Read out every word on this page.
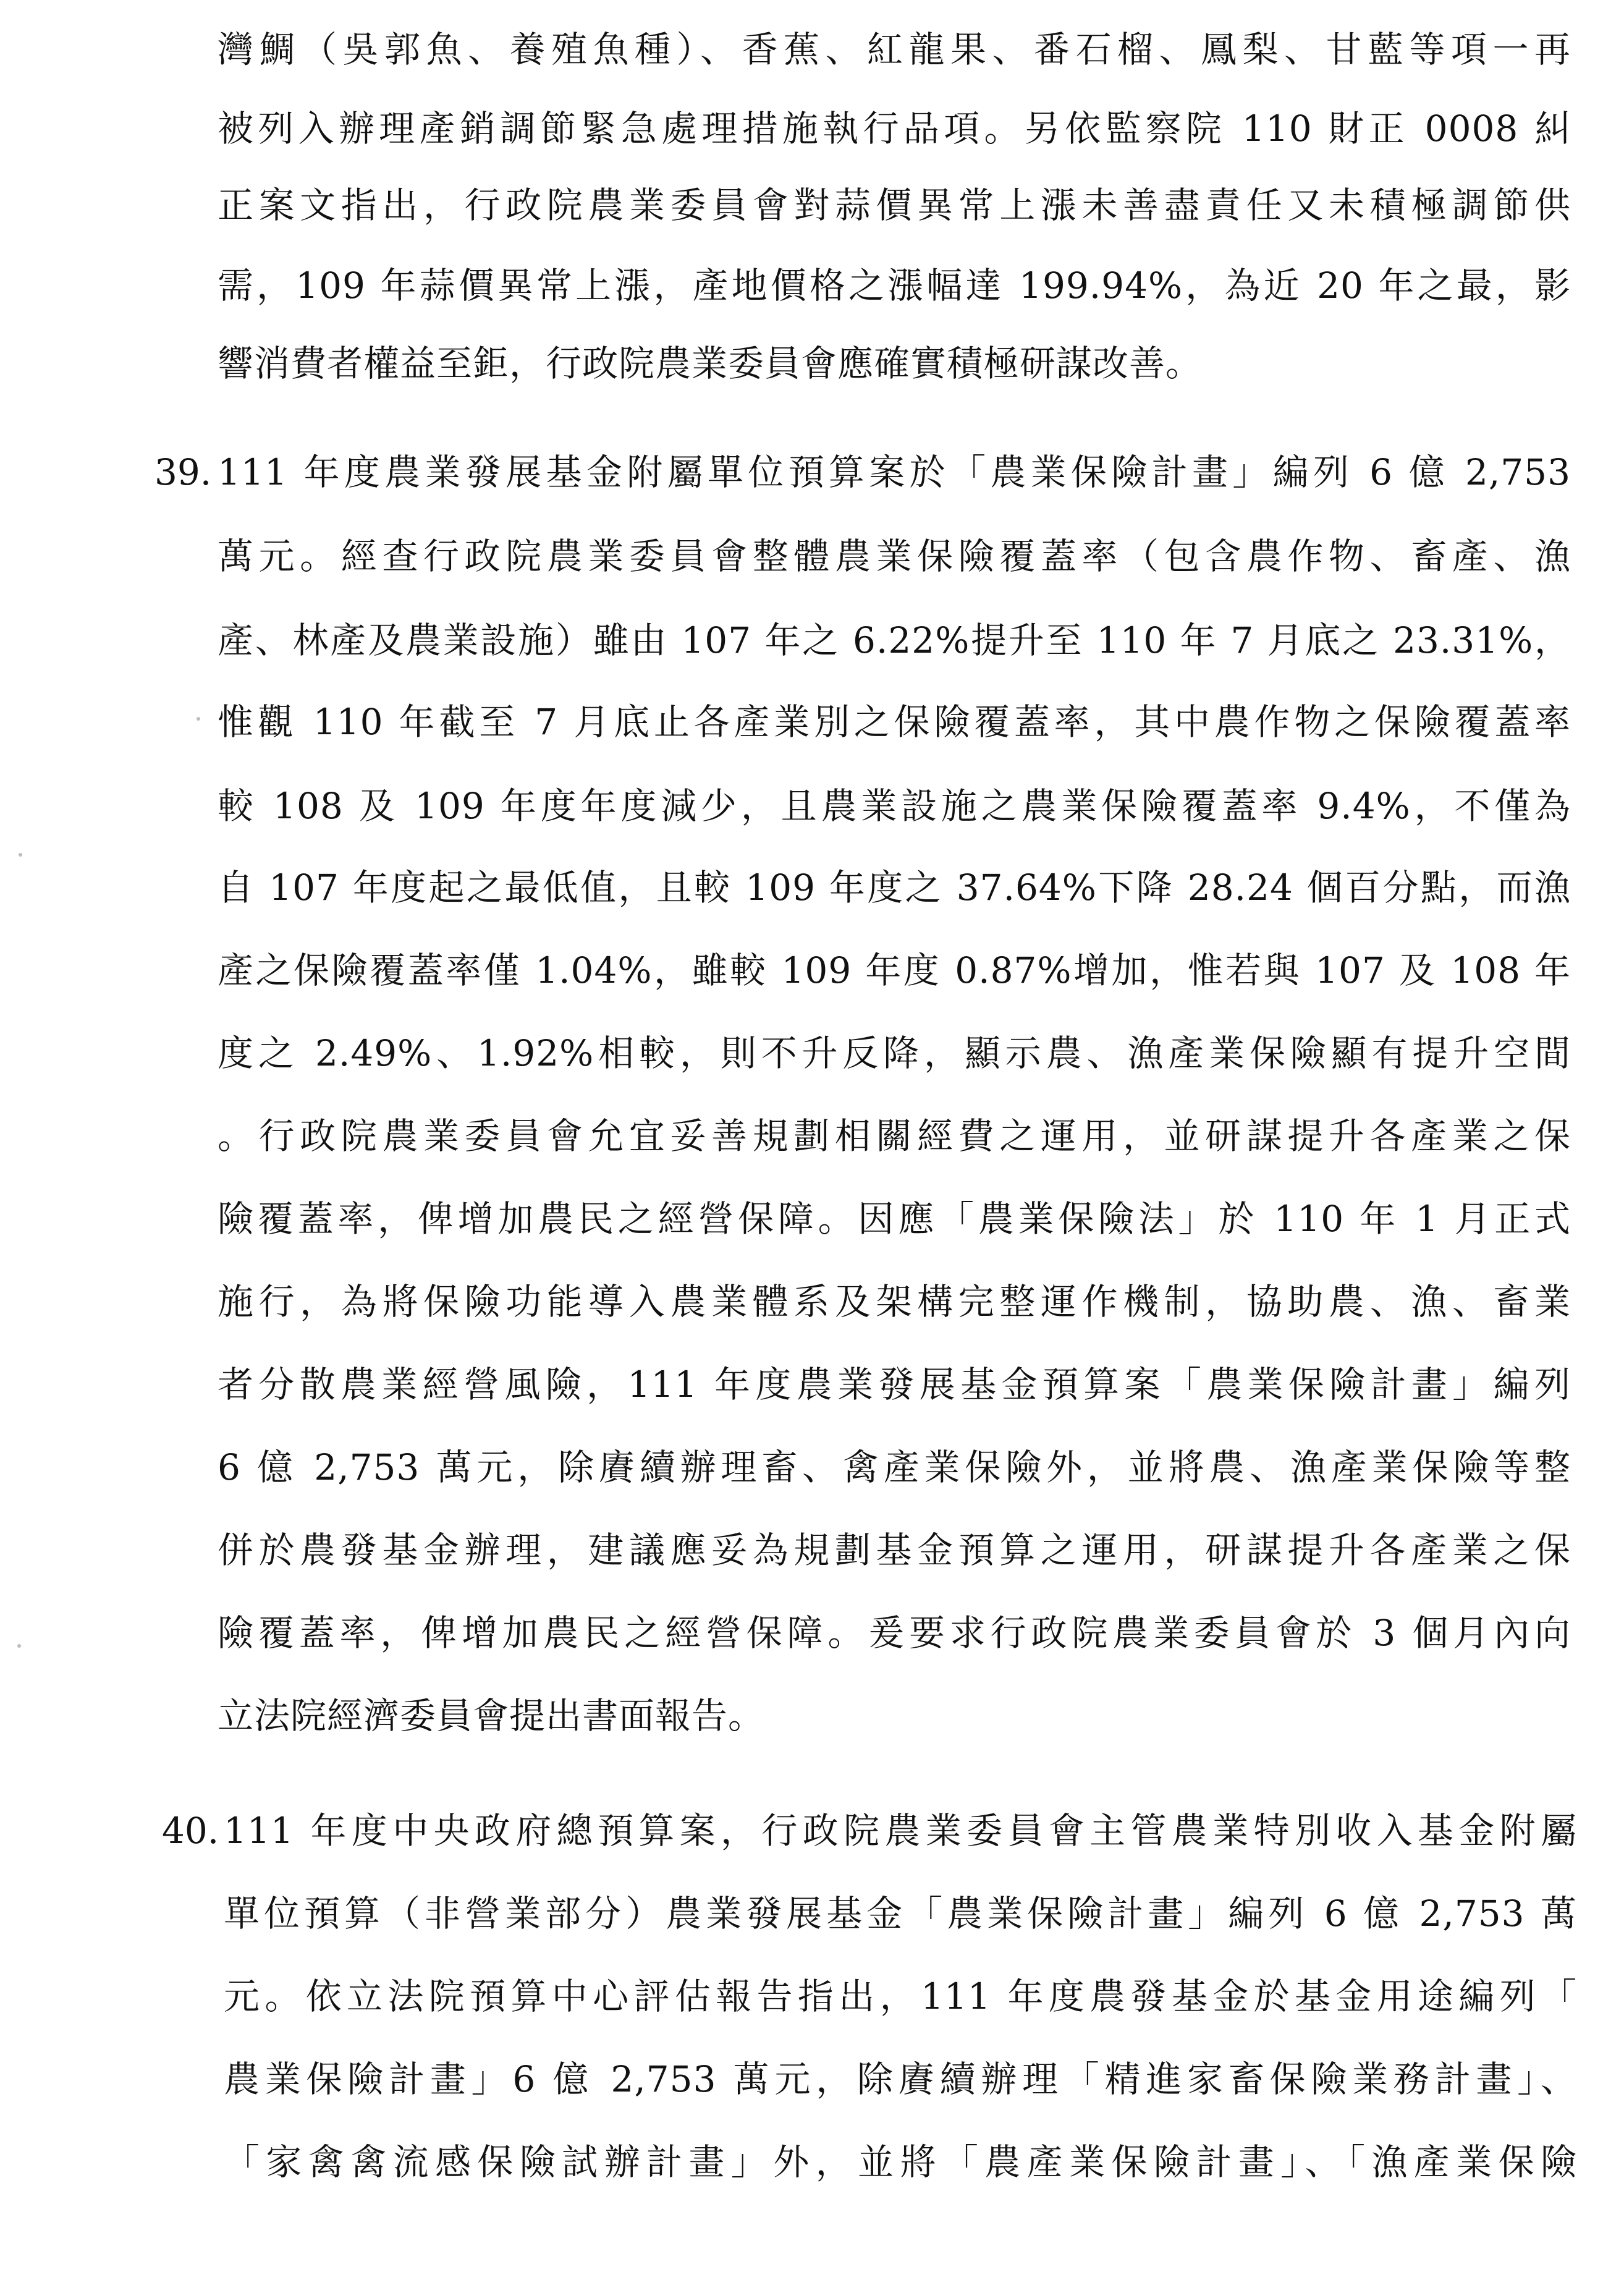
灣鯛（吳郭魚、養殖魚種）、香蕉、紅龍果、番石榴、鳳梨、甘藍等項一再
被列入辦理產銷調節緊急處理措施執行品項。另依監察院 110 財正 0008 糾
正案文指出，行政院農業委員會對蒜價異常上漲未善盡責任又未積極調節供
需，109 年蒜價異常上漲，產地價格之漲幅達 199.94%，為近 20 年之最，影
響消費者權益至鉅，行政院農業委員會應確實積極研謀改善。
39. 111 年度農業發展基金附屬單位預算案於「農業保險計畫」編列 6 億 2,753
萬元。經查行政院農業委員會整體農業保險覆蓋率（包含農作物、畜產、漁
產、林產及農業設施）雖由 107 年之 6.22%提升至 110 年 7 月底之 23.31%，
惟觀 110 年截至 7 月底止各產業別之保險覆蓋率，其中農作物之保險覆蓋率
較 108 及 109 年度年度減少，且農業設施之農業保險覆蓋率 9.4%，不僅為
自 107 年度起之最低值，且較 109 年度之 37.64%下降 28.24 個百分點，而漁
產之保險覆蓋率僅 1.04%，雖較 109 年度 0.87%增加，惟若與 107 及 108 年
度之 2.49%、1.92%相較，則不升反降，顯示農、漁產業保險顯有提升空間
。行政院農業委員會允宜妥善規劃相關經費之運用，並研謀提升各產業之保
險覆蓋率，俾增加農民之經營保障。因應「農業保險法」於 110 年 1 月正式
施行，為將保險功能導入農業體系及架構完整運作機制，協助農、漁、畜業
者分散農業經營風險，111 年度農業發展基金預算案「農業保險計畫」編列
6 億 2,753 萬元，除賡續辦理畜、禽產業保險外，並將農、漁產業保險等整
併於農發基金辦理，建議應妥為規劃基金預算之運用，研謀提升各產業之保
險覆蓋率，俾增加農民之經營保障。爰要求行政院農業委員會於 3 個月內向
立法院經濟委員會提出書面報告。
40. 111 年度中央政府總預算案，行政院農業委員會主管農業特別收入基金附屬
單位預算（非營業部分）農業發展基金「農業保險計畫」編列 6 億 2,753 萬
元。依立法院預算中心評估報告指出，111 年度農發基金於基金用途編列「
農業保險計畫」6 億 2,753 萬元，除賡續辦理「精進家畜保險業務計畫」、
「家禽禽流感保險試辦計畫」外，並將「農產業保險計畫」、「漁產業保險
